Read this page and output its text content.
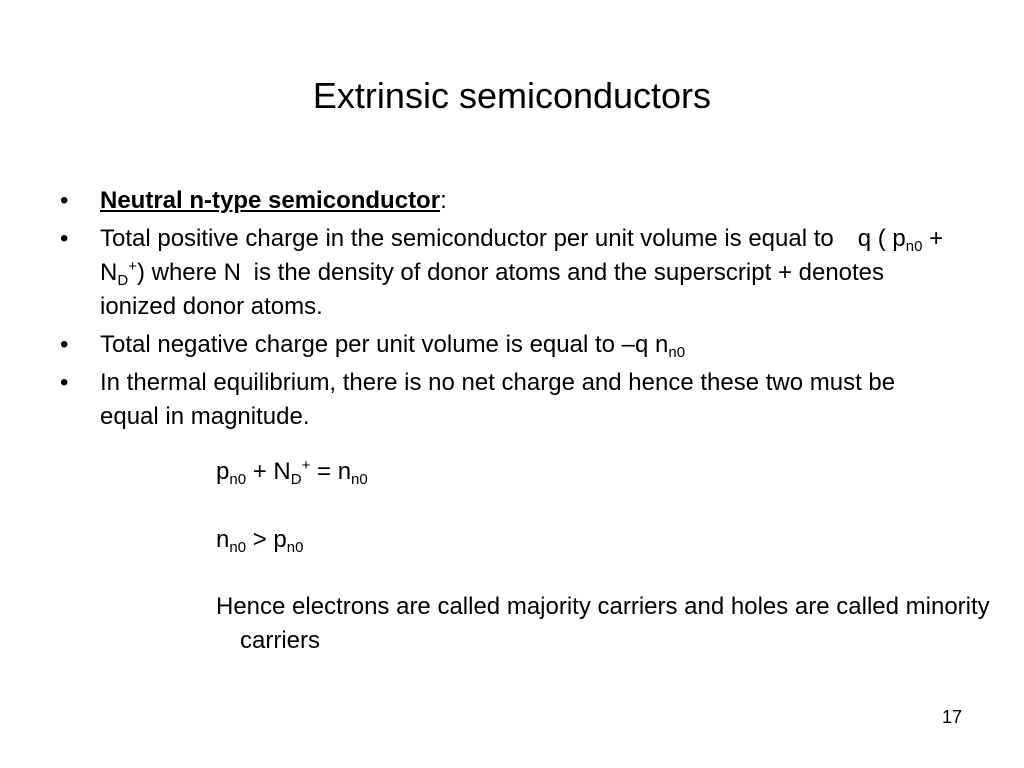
Extrinsic semiconductors
• Neutral n-type semiconductor:
• Total positive charge in the semiconductor per unit volume is equal to q ( $p_{n0} + N_D^+$) where N is the density of donor atoms and the superscript + denotes ionized donor atoms.
• Total negative charge per unit volume is equal to –q $n_{n0}$
• In thermal equilibrium, there is no net charge and hence these two must be equal in magnitude.
$p_{n0} + N_D^+ = n_{n0}$
$n_{n0} > p_{n0}$
Hence electrons are called majority carriers and holes are called minority carriers
17
